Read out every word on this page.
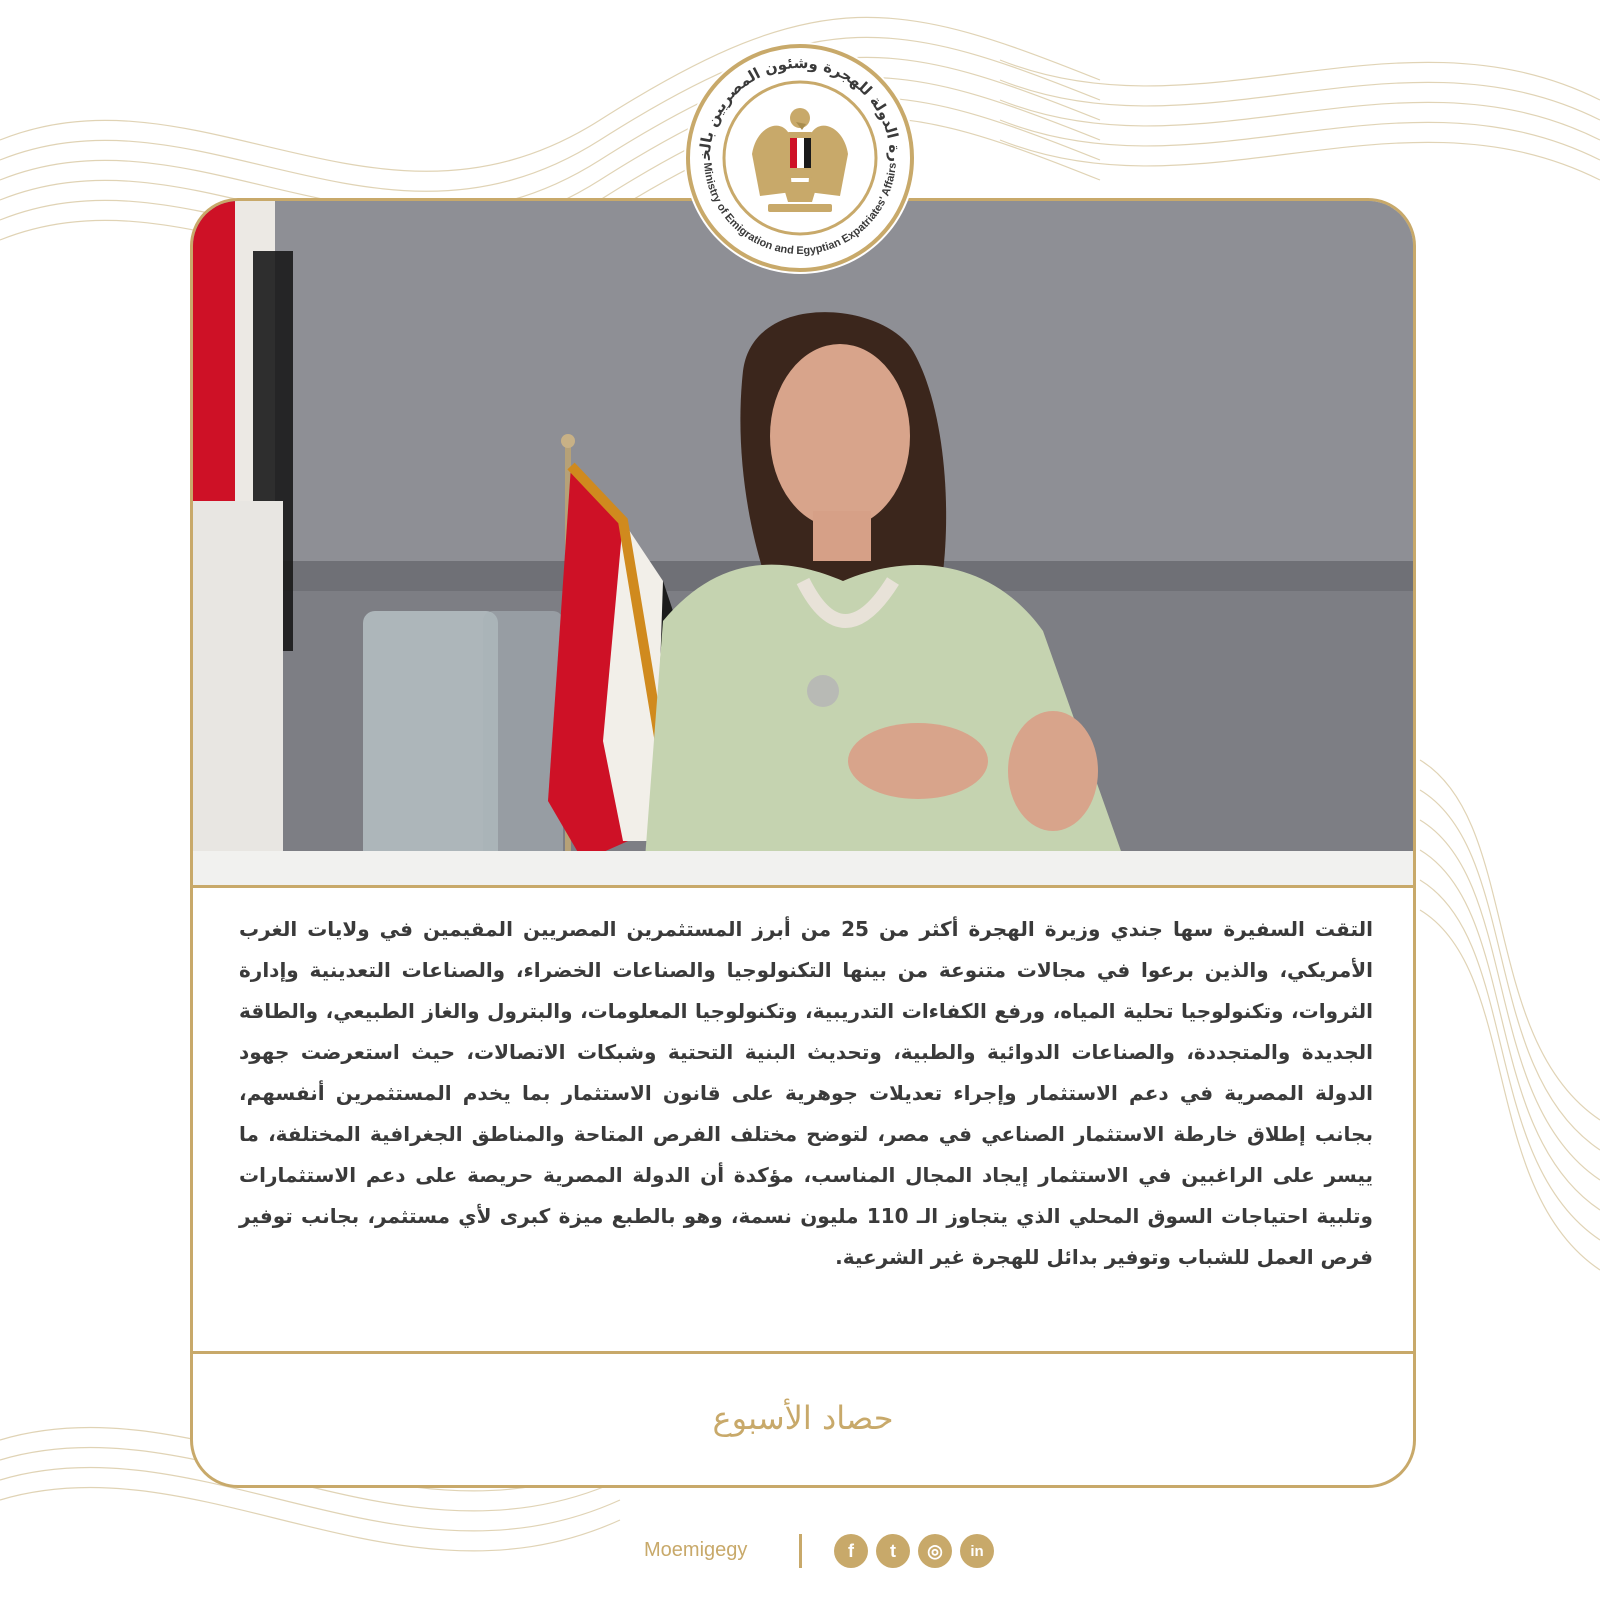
التقت السفيرة سها جندي وزيرة الهجرة أكثر من 25 من أبرز المستثمرين المصريين المقيمين في ولايات الغرب الأمريكي، والذين برعوا في مجالات متنوعة من بينها التكنولوجيا والصناعات الخضراء، والصناعات التعدينية وإدارة الثروات، وتكنولوجيا تحلية المياه، ورفع الكفاءات التدريبية، وتكنولوجيا المعلومات، والبترول والغاز الطبيعي، والطاقة الجديدة والمتجددة، والصناعات الدوائية والطبية، وتحديث البنية التحتية وشبكات الاتصالات، حيث استعرضت جهود الدولة المصرية في دعم الاستثمار وإجراء تعديلات جوهرية على قانون الاستثمار بما يخدم المستثمرين أنفسهم، بجانب إطلاق خارطة الاستثمار الصناعي في مصر، لتوضح مختلف الفرص المتاحة والمناطق الجغرافية المختلفة، ما ييسر على الراغبين في الاستثمار إيجاد المجال المناسب، مؤكدة أن الدولة المصرية حريصة على دعم الاستثمارات وتلبية احتياجات السوق المحلي الذي يتجاوز الـ 110 مليون نسمة، وهو بالطبع ميزة كبرى لأي مستثمر، بجانب توفير فرص العمل للشباب وتوفير بدائل للهجرة غير الشرعية.

حصاد الأسبوع
رة الدولة للهجرة وشئون المصريين بالخ
Ministry of Emigration and Egyptian Expatriates' Affairs
Moemigegy	f	t	◎	in
